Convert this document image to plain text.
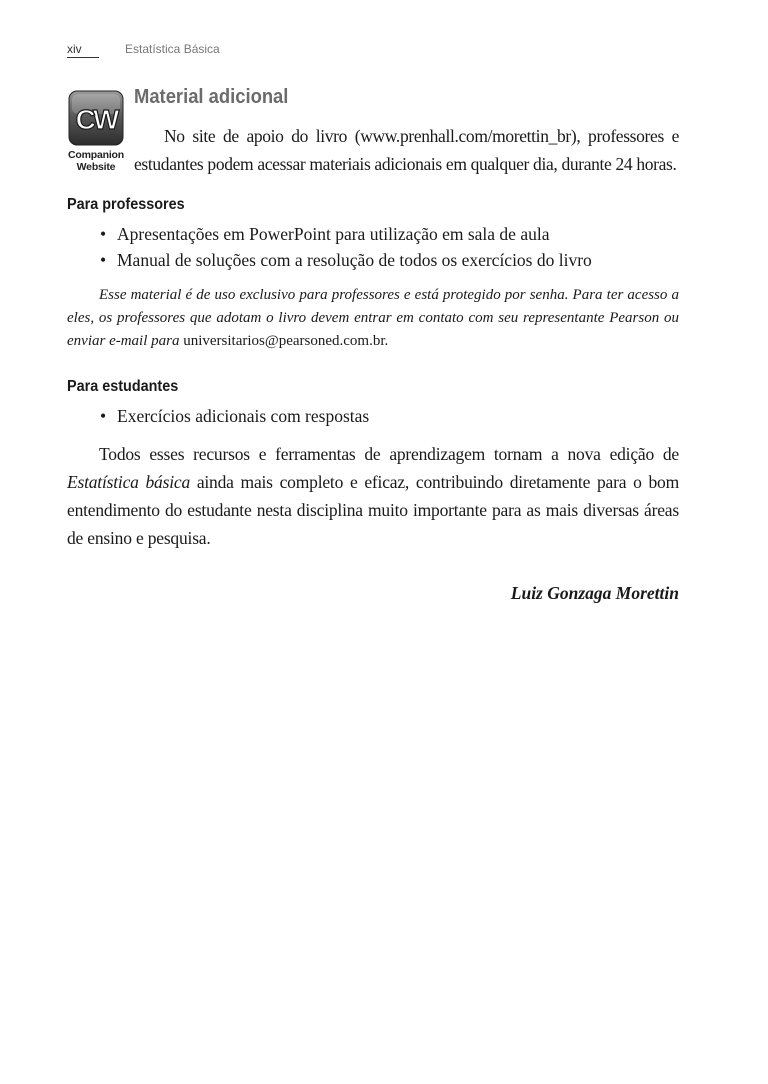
xiv	Estatística Básica
CW
Companion
Website
Material adicional

No site de apoio do livro (www.prenhall.com/morettin_br), professores e estudantes podem acessar materiais adicionais em qualquer dia, durante 24 horas.

Para professores
• Apresentações em PowerPoint para utilização em sala de aula
• Manual de soluções com a resolução de todos os exercícios do livro

Esse material é de uso exclusivo para professores e está protegido por senha. Para ter acesso a eles, os professores que adotam o livro devem entrar em contato com seu representante Pearson ou enviar e-mail para universitarios@pearsoned.com.br.

Para estudantes
• Exercícios adicionais com respostas

Todos esses recursos e ferramentas de aprendizagem tornam a nova edição de Estatística básica ainda mais completo e eficaz, contribuindo diretamente para o bom entendimento do estudante nesta disciplina muito importante para as mais diversas áreas de ensino e pesquisa.

Luiz Gonzaga Morettin
